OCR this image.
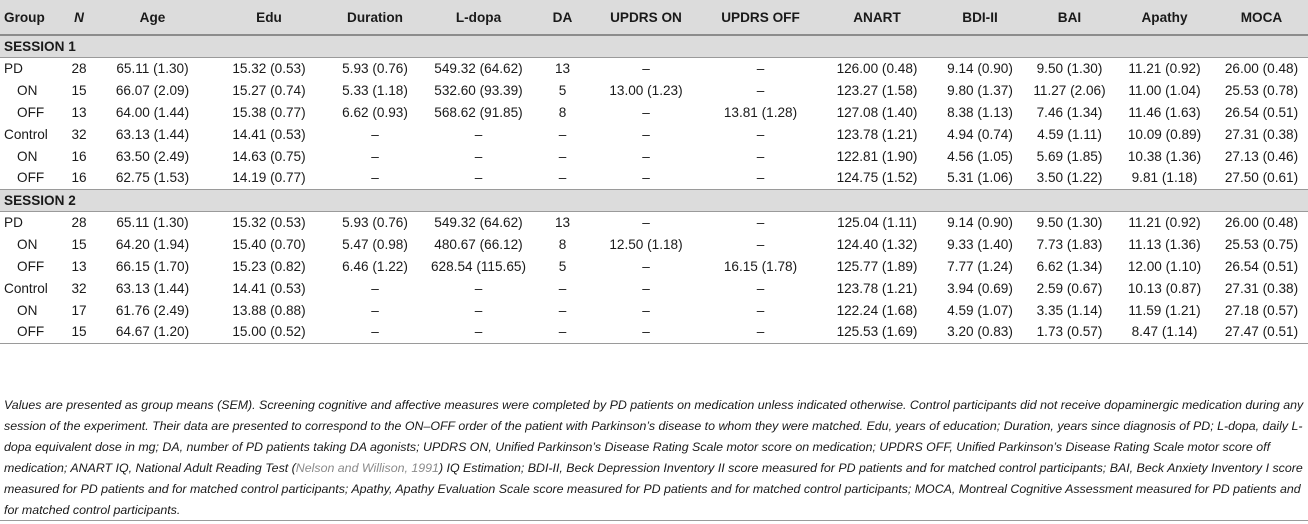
Group	N	Age	Edu	Duration	L-dopa	DA	UPDRS ON	UPDRS OFF	ANART	BDI-II	BAI	Apathy	MOCA
SESSION 1													
PD	28	65.11 (1.30)	15.32 (0.53)	5.93 (0.76)	549.32 (64.62)	13	–	–	126.00 (0.48)	9.14 (0.90)	9.50 (1.30)	11.21 (0.92)	26.00 (0.48)
ON	15	66.07 (2.09)	15.27 (0.74)	5.33 (1.18)	532.60 (93.39)	5	13.00 (1.23)	–	123.27 (1.58)	9.80 (1.37)	11.27 (2.06)	11.00 (1.04)	25.53 (0.78)
OFF	13	64.00 (1.44)	15.38 (0.77)	6.62 (0.93)	568.62 (91.85)	8	–	13.81 (1.28)	127.08 (1.40)	8.38 (1.13)	7.46 (1.34)	11.46 (1.63)	26.54 (0.51)
Control	32	63.13 (1.44)	14.41 (0.53)	–	–	–	–	–	123.78 (1.21)	4.94 (0.74)	4.59 (1.11)	10.09 (0.89)	27.31 (0.38)
ON	16	63.50 (2.49)	14.63 (0.75)	–	–	–	–	–	122.81 (1.90)	4.56 (1.05)	5.69 (1.85)	10.38 (1.36)	27.13 (0.46)
OFF	16	62.75 (1.53)	14.19 (0.77)	–	–	–	–	–	124.75 (1.52)	5.31 (1.06)	3.50 (1.22)	9.81 (1.18)	27.50 (0.61)
SESSION 2													
PD	28	65.11 (1.30)	15.32 (0.53)	5.93 (0.76)	549.32 (64.62)	13	–	–	125.04 (1.11)	9.14 (0.90)	9.50 (1.30)	11.21 (0.92)	26.00 (0.48)
ON	15	64.20 (1.94)	15.40 (0.70)	5.47 (0.98)	480.67 (66.12)	8	12.50 (1.18)	–	124.40 (1.32)	9.33 (1.40)	7.73 (1.83)	11.13 (1.36)	25.53 (0.75)
OFF	13	66.15 (1.70)	15.23 (0.82)	6.46 (1.22)	628.54 (115.65)	5	–	16.15 (1.78)	125.77 (1.89)	7.77 (1.24)	6.62 (1.34)	12.00 (1.10)	26.54 (0.51)
Control	32	63.13 (1.44)	14.41 (0.53)	–	–	–	–	–	123.78 (1.21)	3.94 (0.69)	2.59 (0.67)	10.13 (0.87)	27.31 (0.38)
ON	17	61.76 (2.49)	13.88 (0.88)	–	–	–	–	–	122.24 (1.68)	4.59 (1.07)	3.35 (1.14)	11.59 (1.21)	27.18 (0.57)
OFF	15	64.67 (1.20)	15.00 (0.52)	–	–	–	–	–	125.53 (1.69)	3.20 (0.83)	1.73 (0.57)	8.47 (1.14)	27.47 (0.51)

Values are presented as group means (SEM). Screening cognitive and affective measures were completed by PD patients on medication unless indicated otherwise. Control participants did not receive dopaminergic medication during any session of the experiment. Their data are presented to correspond to the ON–OFF order of the patient with Parkinson’s disease to whom they were matched. Edu, years of education; Duration, years since diagnosis of PD; L-dopa, daily L-dopa equivalent dose in mg; DA, number of PD patients taking DA agonists; UPDRS ON, Unified Parkinson’s Disease Rating Scale motor score on medication; UPDRS OFF, Unified Parkinson’s Disease Rating Scale motor score off medication; ANART IQ, National Adult Reading Test (Nelson and Willison, 1991) IQ Estimation; BDI-II, Beck Depression Inventory II score measured for PD patients and for matched control participants; BAI, Beck Anxiety Inventory I score measured for PD patients and for matched control participants; Apathy, Apathy Evaluation Scale score measured for PD patients and for matched control participants; MOCA, Montreal Cognitive Assessment measured for PD patients and for matched control participants.
